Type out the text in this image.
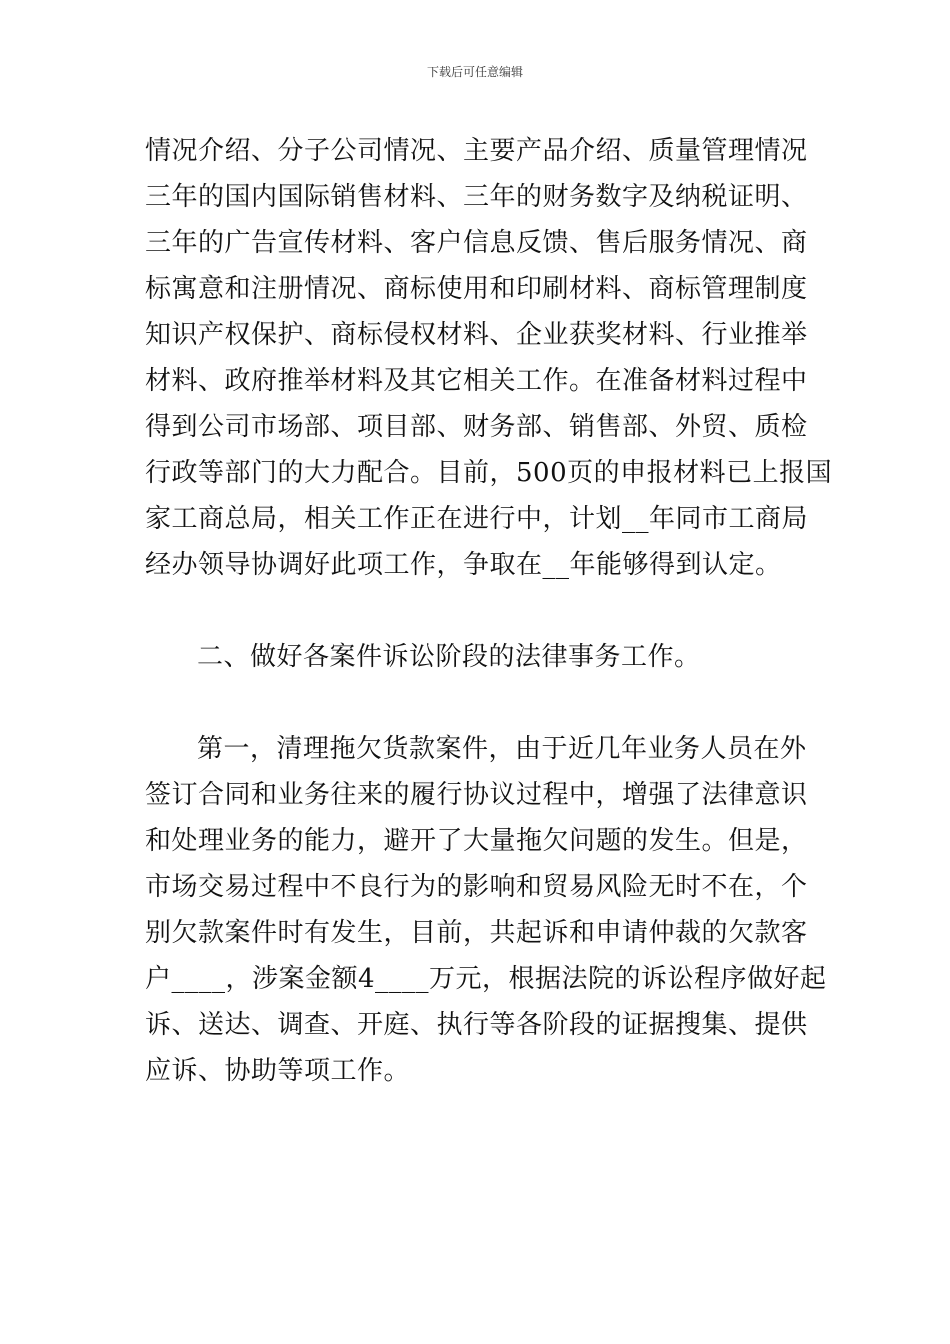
下载后可任意编辑
情况介绍、分子公司情况、主要产品介绍、质量管理情况
三年的国内国际销售材料、三年的财务数字及纳税证明、
三年的广告宣传材料、客户信息反馈、售后服务情况、商
标寓意和注册情况、商标使用和印刷材料、商标管理制度
知识产权保护、商标侵权材料、企业获奖材料、行业推举
材料、政府推举材料及其它相关工作。在准备材料过程中
得到公司市场部、项目部、财务部、销售部、外贸、质检
行政等部门的大力配合。目前，500页的申报材料已上报国
家工商总局，相关工作正在进行中，计划__年同市工商局
经办领导协调好此项工作，争取在__年能够得到认定。
二、做好各案件诉讼阶段的法律事务工作。
第一，清理拖欠货款案件，由于近几年业务人员在外
签订合同和业务往来的履行协议过程中，增强了法律意识
和处理业务的能力，避开了大量拖欠问题的发生。但是，
市场交易过程中不良行为的影响和贸易风险无时不在，个
别欠款案件时有发生，目前，共起诉和申请仲裁的欠款客
户____，涉案金额4____万元，根据法院的诉讼程序做好起
诉、送达、调查、开庭、执行等各阶段的证据搜集、提供
应诉、协助等项工作。
